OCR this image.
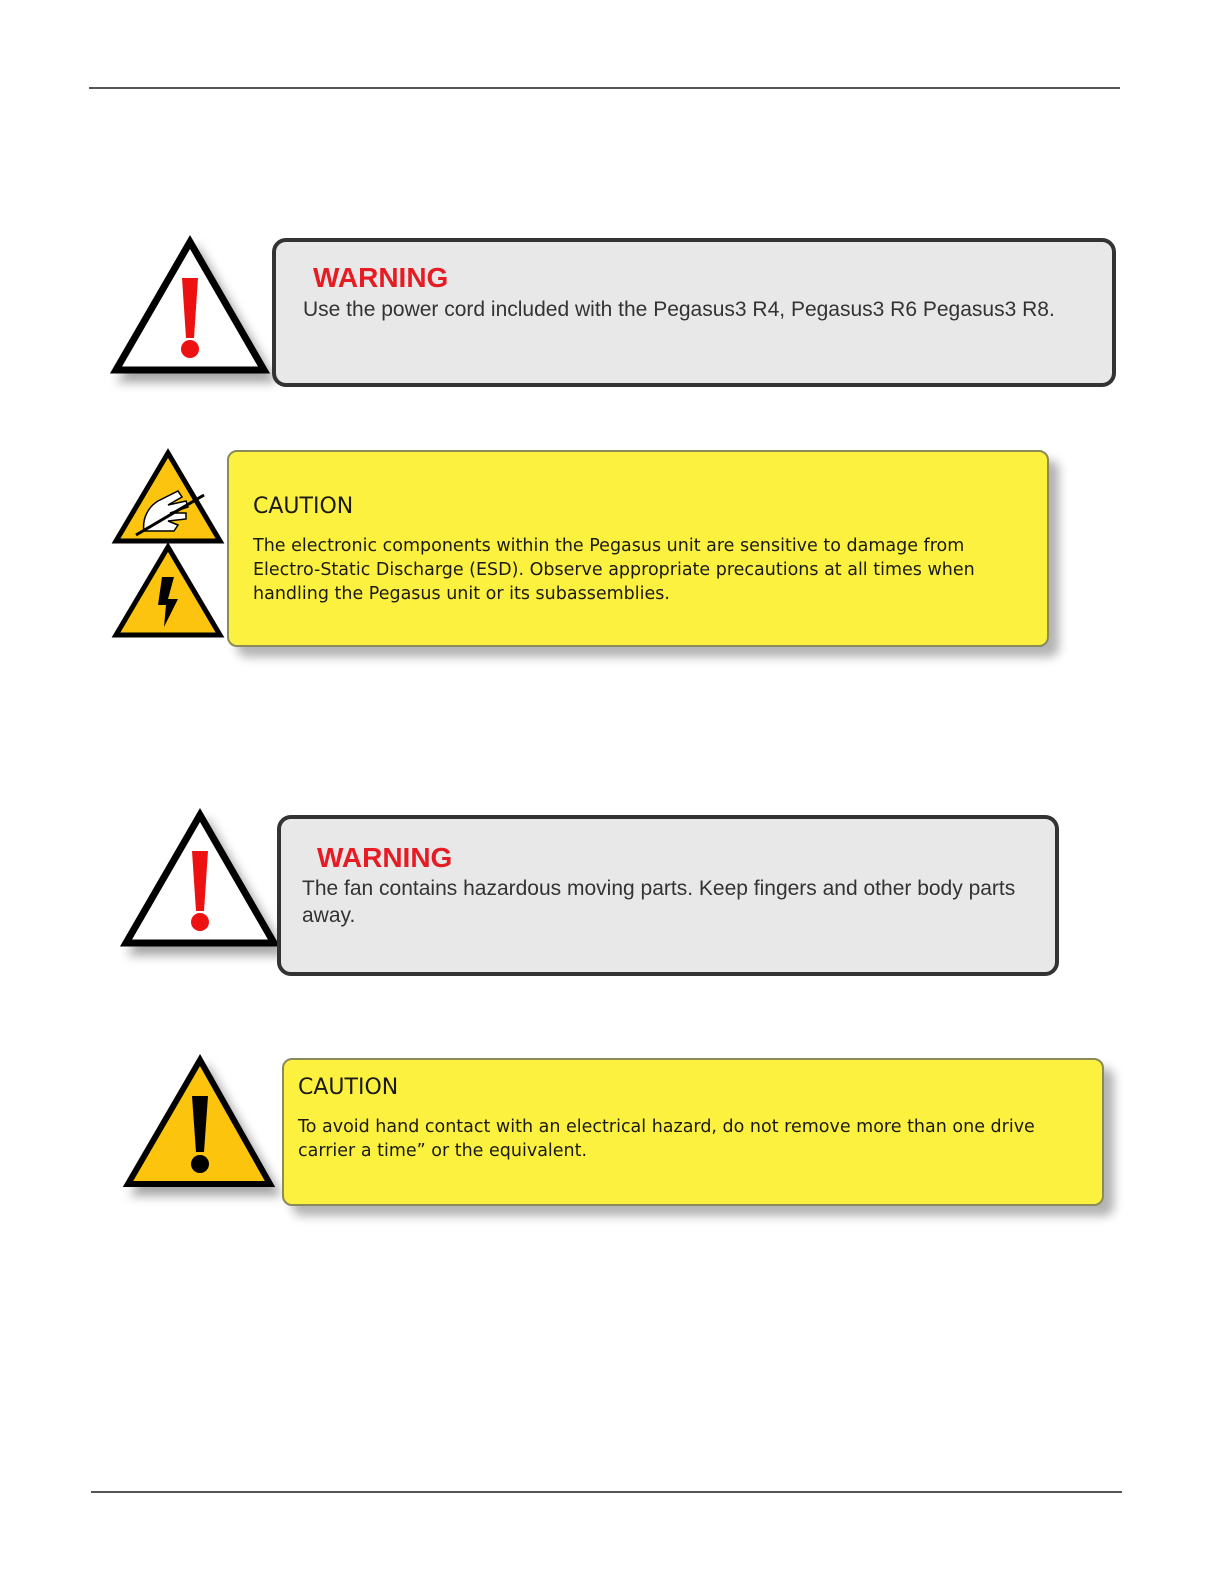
WARNING
Use the power cord included with the Pegasus3 R4, Pegasus3 R6 Pegasus3 R8.
CAUTION
The electronic components within the Pegasus unit are sensitive to damage from Electro-Static Discharge (ESD). Observe appropriate precautions at all times when handling the Pegasus unit or its subassemblies.
WARNING
The fan contains hazardous moving parts. Keep fingers and other body parts away.
CAUTION
To avoid hand contact with an electrical hazard, do not remove more than one drive carrier a time” or the equivalent.
